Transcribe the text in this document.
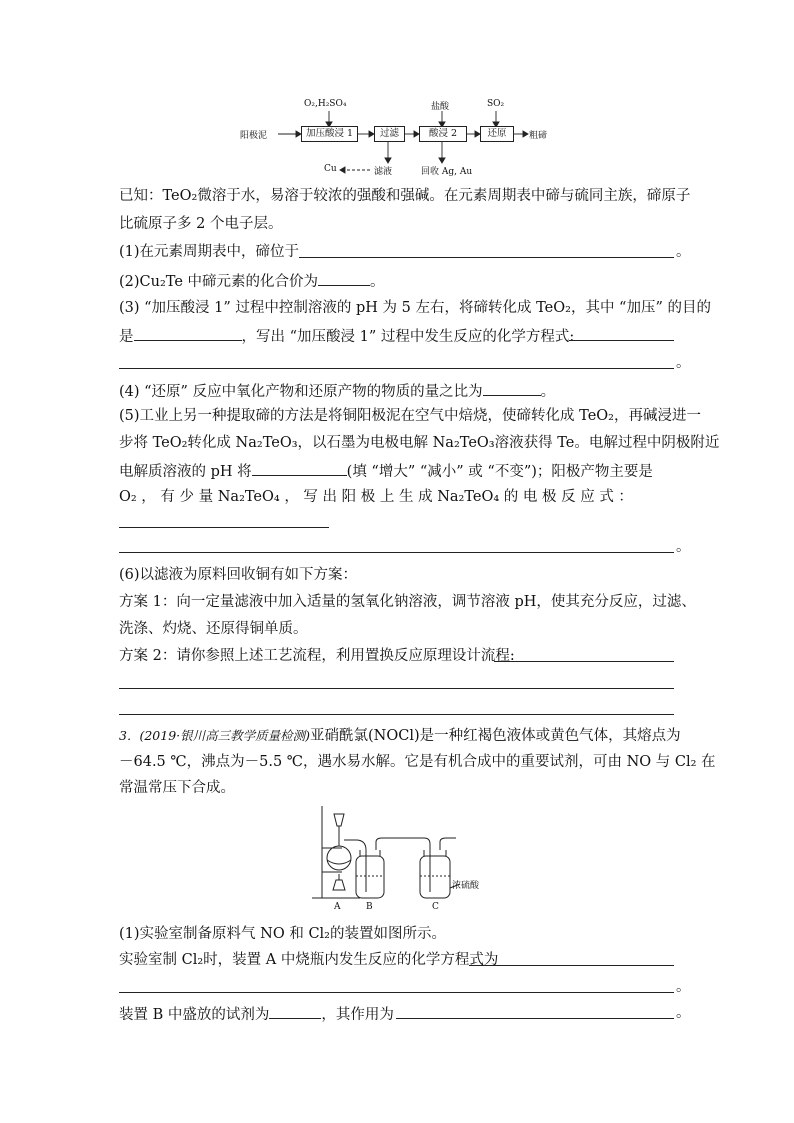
阳极泥	加压酸浸 1	过滤	酸浸 2	还原	粗碲
O₂,H₂SO₄	盐酸	SO₂
Cu	滤液	回收 Ag, Au
已知：TeO₂微溶于水，易溶于较浓的强酸和强碱。在元素周期表中碲与硫同主族，碲原子
比硫原子多 2 个电子层。
(1)在元素周期表中，碲位于	。
(2)Cu₂Te 中碲元素的化合价为	。
(3) “加压酸浸 1” 过程中控制溶液的 pH 为 5 左右，将碲转化成 TeO₂，其中 “加压” 的目的
是	，写出 “加压酸浸 1” 过程中发生反应的化学方程式:
。
(4) “还原” 反应中氧化产物和还原产物的物质的量之比为	。
(5)工业上另一种提取碲的方法是将铜阳极泥在空气中焙烧，使碲转化成 TeO₂，再碱浸进一
步将 TeO₂转化成 Na₂TeO₃，以石墨为电极电解 Na₂TeO₃溶液获得 Te。电解过程中阴极附近
电解质溶液的 pH 将	(填 “增大” “减小” 或 “不变”)；阳极产物主要是
O₂ ， 有 少 量 Na₂TeO₄ ， 写 出 阳 极 上 生 成 Na₂TeO₄ 的 电 极 反 应 式 ：
。
(6)以滤液为原料回收铜有如下方案：
方案 1：向一定量滤液中加入适量的氢氧化钠溶液，调节溶液 pH，使其充分反应，过滤、
洗涤、灼烧、还原得铜单质。
方案 2：请你参照上述工艺流程，利用置换反应原理设计流程:
3．(2019·银川高三教学质量检测)亚硝酰氯(NOCl)是一种红褐色液体或黄色气体，其熔点为
－64.5 ℃，沸点为－5.5 ℃，遇水易水解。它是有机合成中的重要试剂，可由 NO 与 Cl₂ 在
常温常压下合成。
A	B	C
浓硫酸
(1)实验室制备原料气 NO 和 Cl₂的装置如图所示。
实验室制 Cl₂时，装置 A 中烧瓶内发生反应的化学方程式为
。
装置 B 中盛放的试剂为	，其作用为	。
